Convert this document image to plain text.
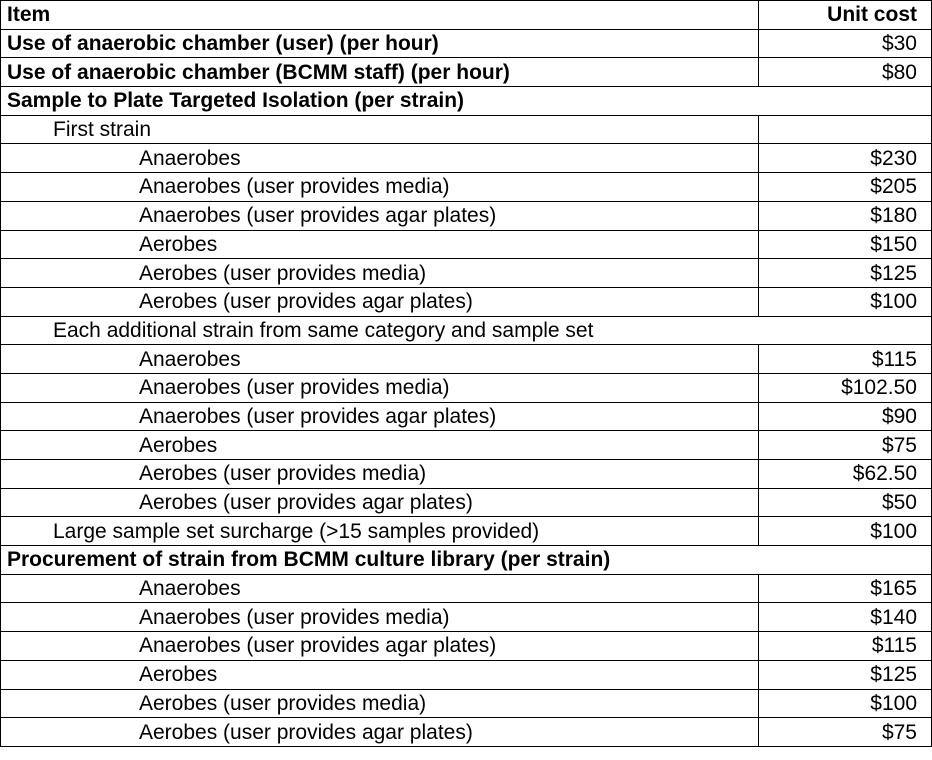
Item	Unit cost
Use of anaerobic chamber (user) (per hour)	$30
Use of anaerobic chamber (BCMM staff) (per hour)	$80
Sample to Plate Targeted Isolation (per strain)	
First strain	
Anaerobes	$230
Anaerobes (user provides media)	$205
Anaerobes (user provides agar plates)	$180
Aerobes	$150
Aerobes (user provides media)	$125
Aerobes (user provides agar plates)	$100
Each additional strain from same category and sample set	
Anaerobes	$115
Anaerobes (user provides media)	$102.50
Anaerobes (user provides agar plates)	$90
Aerobes	$75
Aerobes (user provides media)	$62.50
Aerobes (user provides agar plates)	$50
Large sample set surcharge (>15 samples provided)	$100
Procurement of strain from BCMM culture library (per strain)	
Anaerobes	$165
Anaerobes (user provides media)	$140
Anaerobes (user provides agar plates)	$115
Aerobes	$125
Aerobes (user provides media)	$100
Aerobes (user provides agar plates)	$75
